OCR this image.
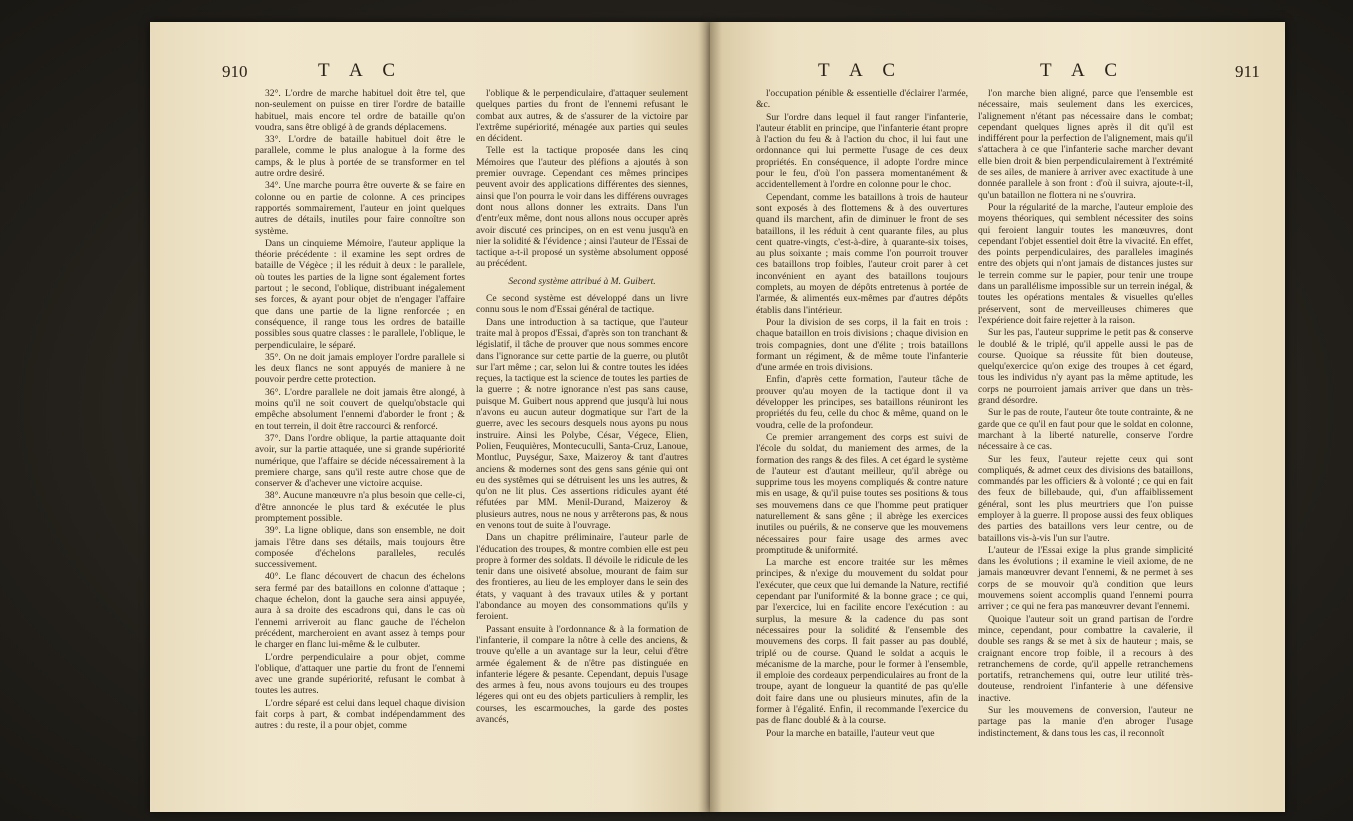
910	T A C

32°. L'ordre de marche habituel doit être tel, que non-seulement on puisse en tirer l'ordre de bataille habituel, mais encore tel ordre de bataille qu'on voudra, sans être obligé à de grands déplacemens.

33°. L'ordre de bataille habituel doit être le parallele, comme le plus analogue à la forme des camps, & le plus à portée de se transformer en tel autre ordre desiré.

34°. Une marche pourra être ouverte & se faire en colonne ou en partie de colonne. A ces principes rapportés sommairement, l'auteur en joint quelques autres de détails, inutiles pour faire connoître son système.

Dans un cinquieme Mémoire, l'auteur applique la théorie précédente : il examine les sept ordres de bataille de Végèce ; il les réduit à deux : le parallele, où toutes les parties de la ligne sont également fortes partout ; le second, l'oblique, distribuant inégalement ses forces, & ayant pour objet de n'engager l'affaire que dans une partie de la ligne renforcée ; en conséquence, il range tous les ordres de bataille possibles sous quatre classes : le parallele, l'oblique, le perpendiculaire, le séparé.

35°. On ne doit jamais employer l'ordre parallele si les deux flancs ne sont appuyés de maniere à ne pouvoir perdre cette protection.

36°. L'ordre parallele ne doit jamais être alongé, à moins qu'il ne soit couvert de quelqu'obstacle qui empêche absolument l'ennemi d'aborder le front ; & en tout terrein, il doit être raccourci & renforcé.

37°. Dans l'ordre oblique, la partie attaquante doit avoir, sur la partie attaquée, une si grande supériorité numérique, que l'affaire se décide nécessairement à la premiere charge, sans qu'il reste autre chose que de conserver & d'achever une victoire acquise.

38°. Aucune manœuvre n'a plus besoin que celle-ci, d'être annoncée le plus tard & exécutée le plus promptement possible.

39°. La ligne oblique, dans son ensemble, ne doit jamais l'être dans ses détails, mais toujours être composée d'échelons paralleles, reculés successivement.

40°. Le flanc découvert de chacun des échelons sera fermé par des bataillons en colonne d'attaque ; chaque échelon, dont la gauche sera ainsi appuyée, aura à sa droite des escadrons qui, dans le cas où l'ennemi arriveroit au flanc gauche de l'échelon précédent, marcheroient en avant assez à temps pour le charger en flanc lui-même & le culbuter.

L'ordre perpendiculaire a pour objet, comme l'oblique, d'attaquer une partie du front de l'ennemi avec une grande supériorité, refusant le combat à toutes les autres.

L'ordre séparé est celui dans lequel chaque division fait corps à part, & combat indépendamment des autres : du reste, il a pour objet, comme

l'oblique & le perpendiculaire, d'attaquer seulement quelques parties du front de l'ennemi refusant le combat aux autres, & de s'assurer de la victoire par l'extrême supériorité, ménagée aux parties qui seules en décident.

Telle est la tactique proposée dans les cinq Mémoires que l'auteur des pléfions a ajoutés à son premier ouvrage. Cependant ces mêmes principes peuvent avoir des applications différentes des siennes, ainsi que l'on pourra le voir dans les différens ouvrages dont nous allons donner les extraits. Dans l'un d'entr'eux même, dont nous allons nous occuper après avoir discuté ces principes, on en est venu jusqu'à en nier la solidité & l'évidence ; ainsi l'auteur de l'Essai de tactique a-t-il proposé un système absolument opposé au précédent.

Second système attribué à M. Guibert.

Ce second système est développé dans un livre connu sous le nom d'Essai général de tactique.

Dans une introduction à sa tactique, que l'auteur traite mal à propos d'Essai, d'après son ton tranchant & législatif, il tâche de prouver que nous sommes encore dans l'ignorance sur cette partie de la guerre, ou plutôt sur l'art même ; car, selon lui & contre toutes les idées reçues, la tactique est la science de toutes les parties de la guerre ; & notre ignorance n'est pas sans cause, puisque M. Guibert nous apprend que jusqu'à lui nous n'avons eu aucun auteur dogmatique sur l'art de la guerre, avec les secours desquels nous ayons pu nous instruire. Ainsi les Polybe, César, Végece, Elien, Polien, Feuquières, Montecuculli, Santa-Cruz, Lanoue, Montluc, Puységur, Saxe, Maizeroy & tant d'autres anciens & modernes sont des gens sans génie qui ont eu des systêmes qui se détruisent les uns les autres, & qu'on ne lit plus. Ces assertions ridicules ayant été réfutées par MM. Menil-Durand, Maizeroy & plusieurs autres, nous ne nous y arrêterons pas, & nous en venons tout de suite à l'ouvrage.

Dans un chapitre préliminaire, l'auteur parle de l'éducation des troupes, & montre combien elle est peu propre à former des soldats. Il dévoile le ridicule de les tenir dans une oisiveté absolue, mourant de faim sur des frontieres, au lieu de les employer dans le sein des états, y vaquant à des travaux utiles & y portant l'abondance au moyen des consommations qu'ils y feroient.

Passant ensuite à l'ordonnance & à la formation de l'infanterie, il compare la nôtre à celle des anciens, & trouve qu'elle a un avantage sur la leur, celui d'être armée également & de n'être pas distinguée en infanterie légere & pesante. Cependant, depuis l'usage des armes à feu, nous avons toujours eu des troupes légeres qui ont eu des objets particuliers à remplir, les courses, les escarmouches, la garde des postes avancés,

T A C	T A C	911

l'occupation pénible & essentielle d'éclairer l'armée, &c.

Sur l'ordre dans lequel il faut ranger l'infanterie, l'auteur établit en principe, que l'infanterie étant propre à l'action du feu & à l'action du choc, il lui faut une ordonnance qui lui permette l'usage de ces deux propriétés. En conséquence, il adopte l'ordre mince pour le feu, d'où l'on passera momentanément & accidentellement à l'ordre en colonne pour le choc.

Cependant, comme les bataillons à trois de hauteur sont exposés à des flottemens & à des ouvertures quand ils marchent, afin de diminuer le front de ses bataillons, il les réduit à cent quarante files, au plus cent quatre-vingts, c'est-à-dire, à quarante-six toises, au plus soixante ; mais comme l'on pourroit trouver ces bataillons trop foibles, l'auteur croit parer à cet inconvénient en ayant des bataillons toujours complets, au moyen de dépôts entretenus à portée de l'armée, & alimentés eux-mêmes par d'autres dépôts établis dans l'intérieur.

Pour la division de ses corps, il la fait en trois : chaque bataillon en trois divisions ; chaque division en trois compagnies, dont une d'élite ; trois bataillons formant un régiment, & de même toute l'infanterie d'une armée en trois divisions.

Enfin, d'après cette formation, l'auteur tâche de prouver qu'au moyen de la tactique dont il va développer les principes, ses bataillons réuniront les propriétés du feu, celle du choc & même, quand on le voudra, celle de la profondeur.

Ce premier arrangement des corps est suivi de l'école du soldat, du maniement des armes, de la formation des rangs & des files. A cet égard le système de l'auteur est d'autant meilleur, qu'il abrège ou supprime tous les moyens compliqués & contre nature mis en usage, & qu'il puise toutes ses positions & tous ses mouvemens dans ce que l'homme peut pratiquer naturellement & sans gêne ; il abrège les exercices inutiles ou puérils, & ne conserve que les mouvemens nécessaires pour faire usage des armes avec promptitude & uniformité.

La marche est encore traitée sur les mêmes principes, & n'exige du mouvement du soldat pour l'exécuter, que ceux que lui demande la Nature, rectifié cependant par l'uniformité & la bonne grace ; ce qui, par l'exercice, lui en facilite encore l'exécution : au surplus, la mesure & la cadence du pas sont nécessaires pour la solidité & l'ensemble des mouvemens des corps. Il fait passer au pas doublé, triplé ou de course. Quand le soldat a acquis le mécanisme de la marche, pour le former à l'ensemble, il emploie des cordeaux perpendiculaires au front de la troupe, ayant de longueur la quantité de pas qu'elle doit faire dans une ou plusieurs minutes, afin de la former à l'égalité. Enfin, il recommande l'exercice du pas de flanc doublé & à la course.

Pour la marche en bataille, l'auteur veut que

l'on marche bien aligné, parce que l'ensemble est nécessaire, mais seulement dans les exercices, l'alignement n'étant pas nécessaire dans le combat; cependant quelques lignes après il dit qu'il est indifférent pour la perfection de l'alignement, mais qu'il s'attachera à ce que l'infanterie sache marcher devant elle bien droit & bien perpendiculairement à l'extrémité de ses ailes, de maniere à arriver avec exactitude à une donnée parallele à son front : d'où il suivra, ajoute-t-il, qu'un bataillon ne flottera ni ne s'ouvrira.

Pour la régularité de la marche, l'auteur emploie des moyens théoriques, qui semblent nécessiter des soins qui feroient languir toutes les manœuvres, dont cependant l'objet essentiel doit être la vivacité. En effet, des points perpendiculaires, des paralleles imaginés entre des objets qui n'ont jamais de distances justes sur le terrein comme sur le papier, pour tenir une troupe dans un parallélisme impossible sur un terrein inégal, & toutes les opérations mentales & visuelles qu'elles préservent, sont de merveilleuses chimeres que l'expérience doit faire rejetter à la raison.

Sur les pas, l'auteur supprime le petit pas & conserve le doublé & le triplé, qu'il appelle aussi le pas de course. Quoique sa réussite fût bien douteuse, quelqu'exercice qu'on exige des troupes à cet égard, tous les individus n'y ayant pas la même aptitude, les corps ne pourroient jamais arriver que dans un très-grand désordre.

Sur le pas de route, l'auteur ôte toute contrainte, & ne garde que ce qu'il en faut pour que le soldat en colonne, marchant à la liberté naturelle, conserve l'ordre nécessaire à ce cas.

Sur les feux, l'auteur rejette ceux qui sont compliqués, & admet ceux des divisions des bataillons, commandés par les officiers & à volonté ; ce qui en fait des feux de billebaude, qui, d'un affaiblissement général, sont les plus meurtriers que l'on puisse employer à la guerre. Il propose aussi des feux obliques des parties des bataillons vers leur centre, ou de bataillons vis-à-vis l'un sur l'autre.

L'auteur de l'Essai exige la plus grande simplicité dans les évolutions ; il examine le vieil axiome, de ne jamais manœuvrer devant l'ennemi, & ne permet à ses corps de se mouvoir qu'à condition que leurs mouvemens soient accomplis quand l'ennemi pourra arriver ; ce qui ne fera pas manœuvrer devant l'ennemi.

Quoique l'auteur soit un grand partisan de l'ordre mince, cependant, pour combattre la cavalerie, il double ses rangs & se met à six de hauteur ; mais, se craignant encore trop foible, il a recours à des retranchemens de corde, qu'il appelle retranchemens portatifs, retranchemens qui, outre leur utilité très-douteuse, rendroient l'infanterie à une défensive inactive.

Sur les mouvemens de conversion, l'auteur ne partage pas la manie d'en abroger l'usage indistinctement, & dans tous les cas, il reconnoît
